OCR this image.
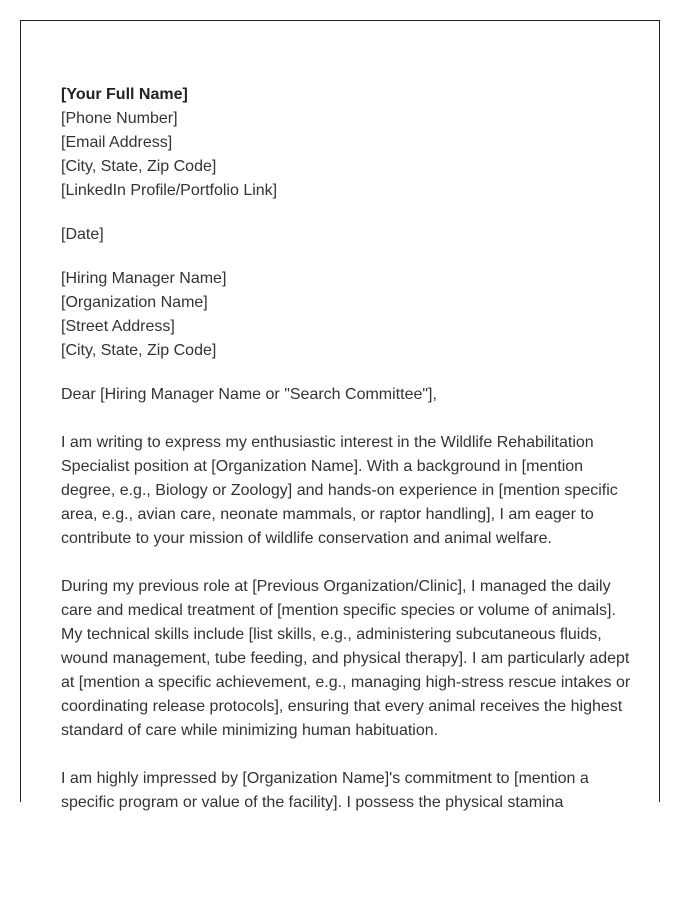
[Your Full Name]
[Phone Number]
[Email Address]
[City, State, Zip Code]
[LinkedIn Profile/Portfolio Link]
[Date]
[Hiring Manager Name]
[Organization Name]
[Street Address]
[City, State, Zip Code]
Dear [Hiring Manager Name or "Search Committee"],

I am writing to express my enthusiastic interest in the Wildlife Rehabilitation Specialist position at [Organization Name]. With a background in [mention degree, e.g., Biology or Zoology] and hands-on experience in [mention specific area, e.g., avian care, neonate mammals, or raptor handling], I am eager to contribute to your mission of wildlife conservation and animal welfare.

During my previous role at [Previous Organization/Clinic], I managed the daily care and medical treatment of [mention specific species or volume of animals]. My technical skills include [list skills, e.g., administering subcutaneous fluids, wound management, tube feeding, and physical therapy]. I am particularly adept at [mention a specific achievement, e.g., managing high-stress rescue intakes or coordinating release protocols], ensuring that every animal receives the highest standard of care while minimizing human habituation.

I am highly impressed by [Organization Name]'s commitment to [mention a specific program or value of the facility]. I possess the physical stamina
